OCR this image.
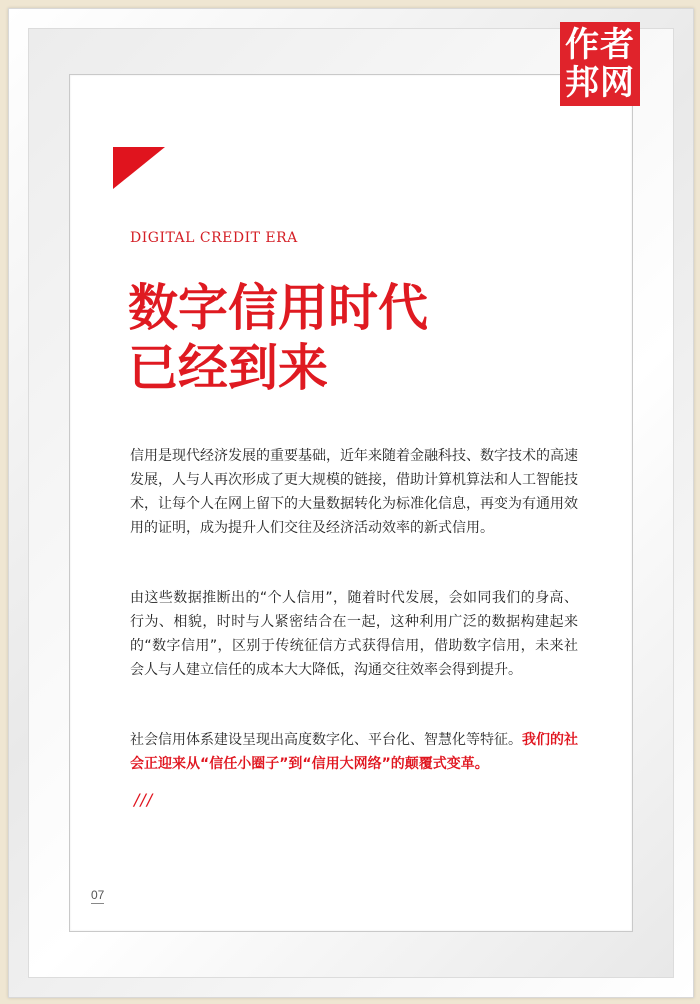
作者
邦网
DIGITAL CREDIT ERA
数字信用时代
已经到来

信用是现代经济发展的重要基础，近年来随着金融科技、数字技术的高速发展，人与人再次形成了更大规模的链接，借助计算机算法和人工智能技术，让每个人在网上留下的大量数据转化为标准化信息，再变为有通用效用的证明，成为提升人们交往及经济活动效率的新式信用。

由这些数据推断出的“个人信用”，随着时代发展，会如同我们的身高、行为、相貌，时时与人紧密结合在一起，这种利用广泛的数据构建起来的“数字信用”，区别于传统征信方式获得信用，借助数字信用，未来社会人与人建立信任的成本大大降低，沟通交往效率会得到提升。

社会信用体系建设呈现出高度数字化、平台化、智慧化等特征。我们的社会正迎来从“信任小圈子”到“信用大网络”的颠覆式变革。

///
07
